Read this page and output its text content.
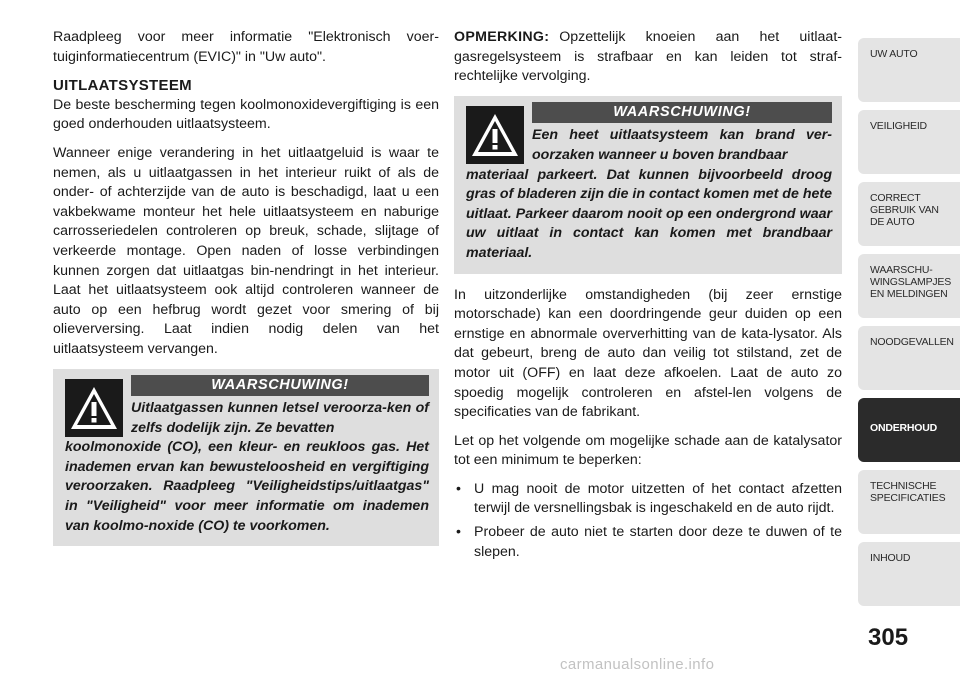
Raadpleeg voor meer informatie "Elektronisch voer-tuiginformatiecentrum (EVIC)" in "Uw auto".

UITLAATSYSTEEM

De beste bescherming tegen koolmonoxidevergiftiging is een goed onderhouden uitlaatsysteem.

Wanneer enige verandering in het uitlaatgeluid is waar te nemen, als u uitlaatgassen in het interieur ruikt of als de onder- of achterzijde van de auto is beschadigd, laat u een vakbekwame monteur het hele uitlaatsysteem en naburige carrosseriedelen controleren op breuk, schade, slijtage of verkeerde montage. Open naden of losse verbindingen kunnen zorgen dat uitlaatgas bin-nendringt in het interieur. Laat het uitlaatsysteem ook altijd controleren wanneer de auto op een hefbrug wordt gezet voor smering of bij olieverversing. Laat indien nodig delen van het uitlaatsysteem vervangen.

WAARSCHUWING!
Uitlaatgassen kunnen letsel veroorza-ken of zelfs dodelijk zijn. Ze bevatten
koolmonoxide (CO), een kleur- en reukloos gas. Het inademen ervan kan bewusteloosheid en vergiftiging veroorzaken. Raadpleeg "Veiligheidstips/uitlaatgas" in "Veiligheid" voor meer informatie om inademen van koolmo-noxide (CO) te voorkomen.

OPMERKING: Opzettelijk knoeien aan het uitlaat-gasregelsysteem is strafbaar en kan leiden tot straf-rechtelijke vervolging.

WAARSCHUWING!
Een heet uitlaatsysteem kan brand ver-oorzaken wanneer u boven brandbaar
materiaal parkeert. Dat kunnen bijvoorbeeld droog gras of bladeren zijn die in contact komen met de hete uitlaat. Parkeer daarom nooit op een ondergrond waar uw uitlaat in contact kan komen met brandbaar materiaal.

In uitzonderlijke omstandigheden (bij zeer ernstige motorschade) kan een doordringende geur duiden op een ernstige en abnormale oververhitting van de kata-lysator. Als dat gebeurt, breng de auto dan veilig tot stilstand, zet de motor uit (OFF) en laat deze afkoelen. Laat de auto zo spoedig mogelijk controleren en afstel-len volgens de specificaties van de fabrikant.

Let op het volgende om mogelijke schade aan de katalysator tot een minimum te beperken:

• U mag nooit de motor uitzetten of het contact afzetten terwijl de versnellingsbak is ingeschakeld en de auto rijdt.
• Probeer de auto niet te starten door deze te duwen of te slepen.
UW AUTO
VEILIGHEID
CORRECT
GEBRUIK VAN
DE AUTO
WAARSCHU-
WINGSLAMPJES
EN MELDINGEN
NOODGEVALLEN
ONDERHOUD
TECHNISCHE
SPECIFICATIES
INHOUD
305
carmanualsonline.info
